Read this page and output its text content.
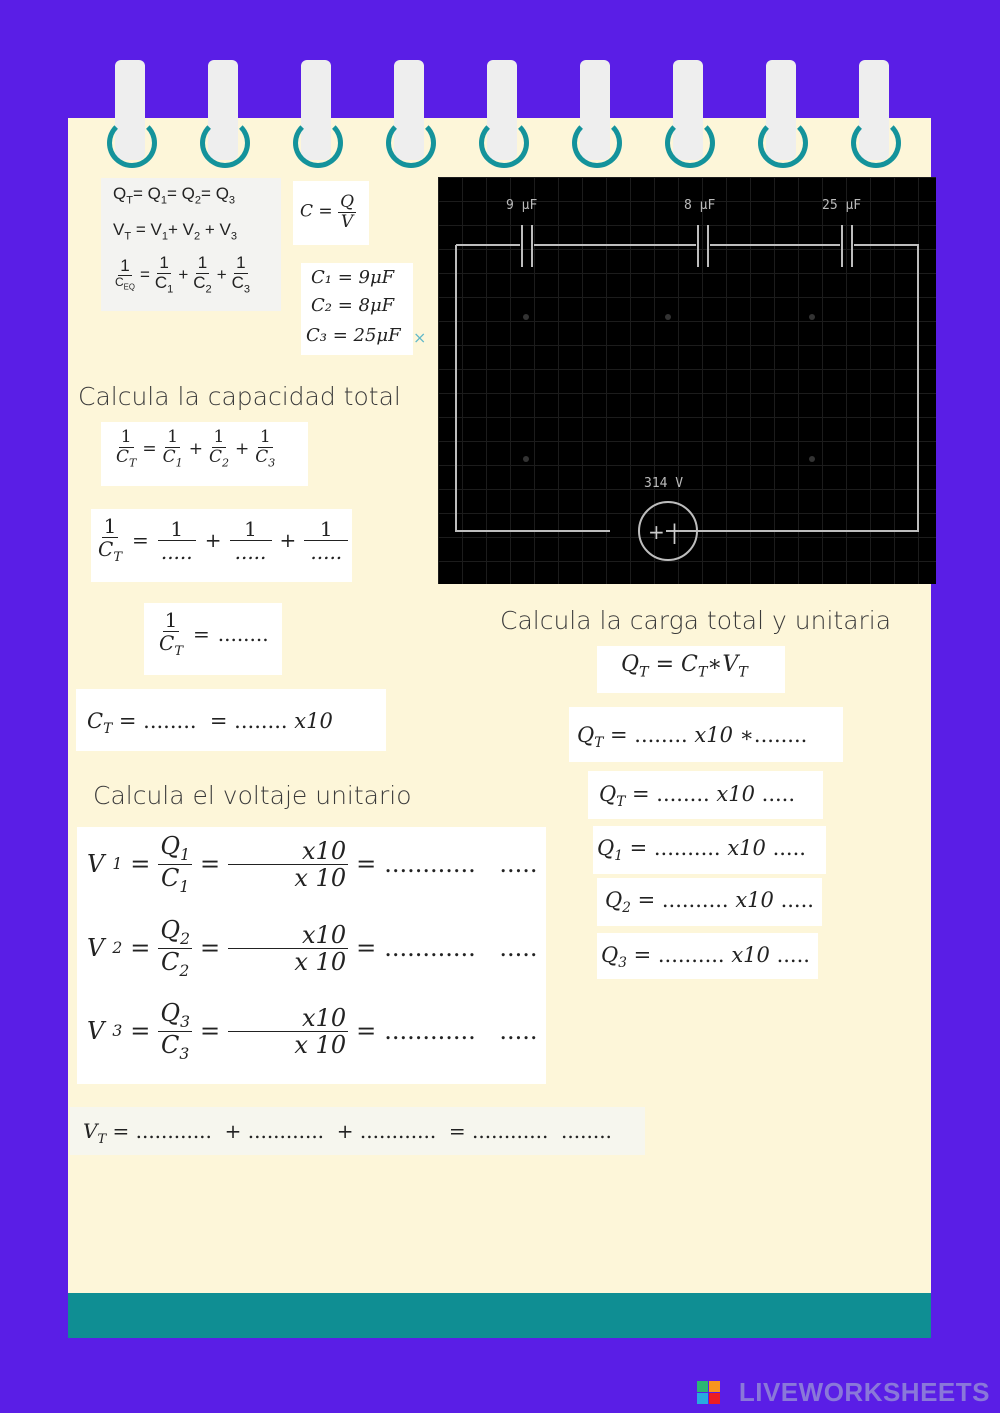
$Q_T= Q_1= Q_2= Q_3$
$V_T = V_1+ V_2 + V_3$
$\frac{1}{C_{EQ}} = \frac{1}{C_1} + \frac{1}{C_2} + \frac{1}{C_3}$
$C = \frac{Q}{V}$
C₁ = 9μF
C₂ = 8μF
C₃ = 25μF ×
9 μF	8 μF	25 μF
314 V
+ |
Calcula la capacidad total
Calcula la carga total y unitaria
Calcula el voltaje unitario
$\frac{1}{C_T} = \frac{1}{C_1} + \frac{1}{C_2} + \frac{1}{C_3}$
$\frac{1}{C_T} = \frac{1}{.....} + \frac{1}{.....} + \frac{1}{.....}$
$\frac{1}{C_T}$ = ........
$C_T$ = ........  = ........ x10
$Q_T$ = $C_T∗V_T$
$Q_T$ = ........ x10 ∗........
$Q_T$ = ........ x10 .....
$Q_1$ = .......... x10 .....
$Q_2$ = .......... x10 .....
$Q_3$ = .......... x10 .....
V $1 = \frac{Q_1}{C_1} = \frac{x10}{x 10}$ = ............
.....
V $2 = \frac{Q_2}{C_2} = \frac{x10}{x 10}$ = ............
.....
V $3 = \frac{Q_3}{C_3} = \frac{x10}{x 10}$ = ............
.....
$V_T$ = ............  + ............  + ............  = ............ ........
LIVEWORKSHEETS
